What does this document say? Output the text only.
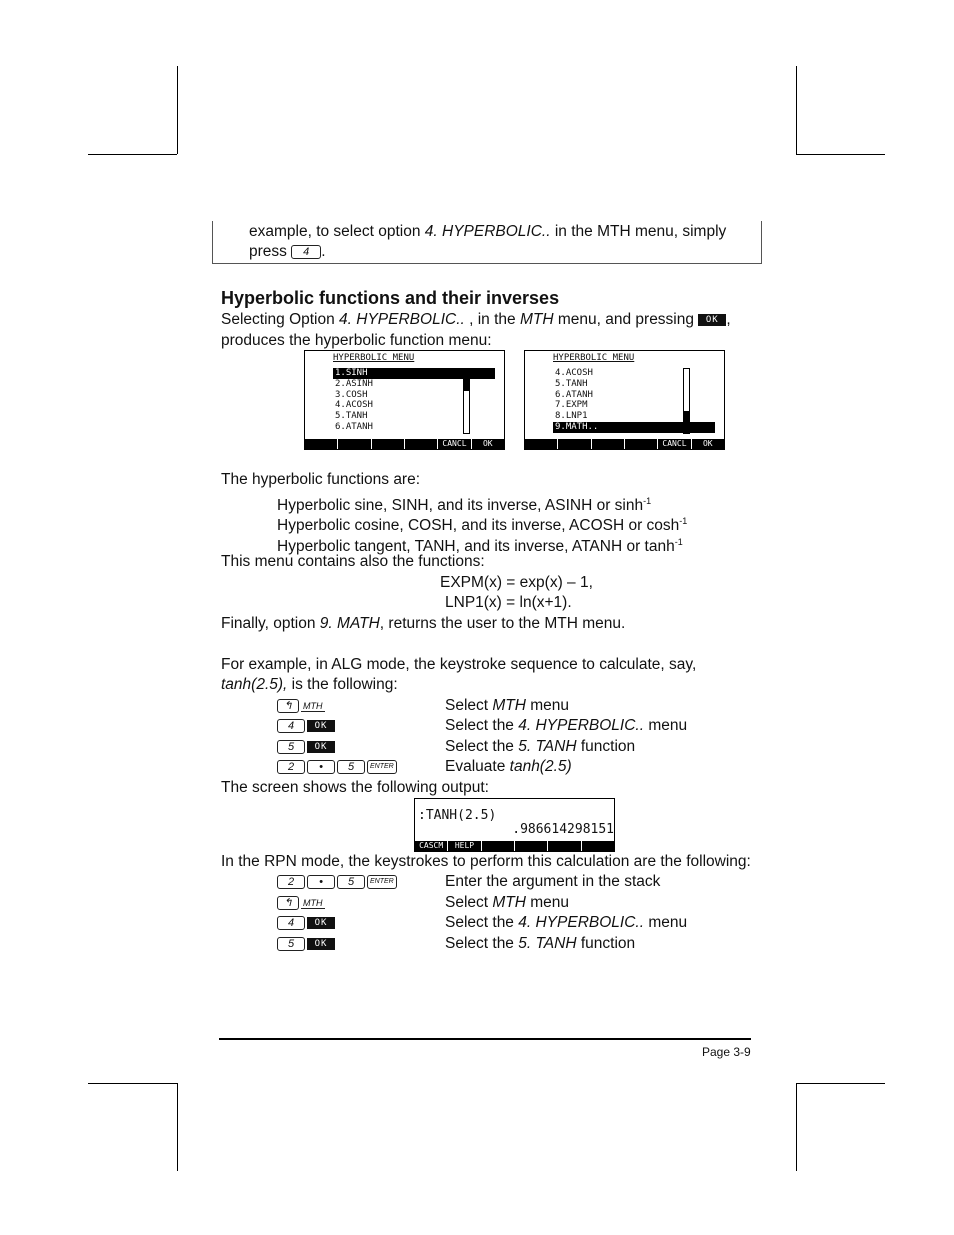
example, to select option 4. HYPERBOLIC.. in the MTH menu, simply
press 4 .
Hyperbolic functions and their inverses
Selecting Option 4. HYPERBOLIC.. , in the MTH menu, and pressing OK ,
produces the hyperbolic function menu:
HYPERBOLIC MENU
1.SINH
2.ASINH
3.COSH
4.ACOSH
5.TANH
6.ATANH
CANCL	OK
HYPERBOLIC MENU
4.ACOSH
5.TANH
6.ATANH
7.EXPM
8.LNP1
9.MATH..
CANCL	OK
The hyperbolic functions are:
Hyperbolic sine, SINH, and its inverse, ASINH or $\sinh^{-1}$
Hyperbolic cosine, COSH, and its inverse, ACOSH or $\cosh^{-1}$
Hyperbolic tangent, TANH, and its inverse, ATANH or $\tanh^{-1}$
This menu contains also the functions:
EXPM(x) = exp(x) – 1,
LNP1(x) = ln(x+1).
Finally, option 9. MATH, returns the user to the MTH menu.
For example, in ALG mode, the keystroke sequence to calculate, say,
tanh(2.5), is the following:
↰ MTH	Select MTH menu
4	OK	Select the 4. HYPERBOLIC.. menu
5	OK	Select the 5. TANH function
2 • 5 ENTER	Evaluate tanh(2.5)
The screen shows the following output:
:TANH(2.5)
.986614298151
CASCM	HELP
In the RPN mode, the keystrokes to perform this calculation are the following:
2 • 5 ENTER	Enter the argument in the stack
↰ MTH	Select MTH menu
4	OK	Select the 4. HYPERBOLIC.. menu
5	OK	Select the 5. TANH function
Page 3-9
